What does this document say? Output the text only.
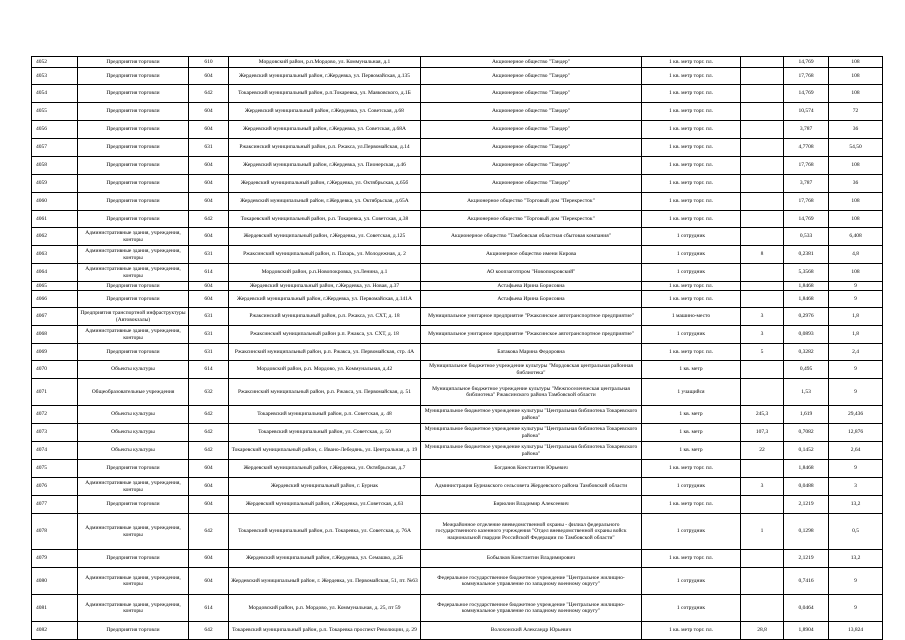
4052	Предприятия торговли	610	Мордовский район, р.п.Мордово, ул. Коммунальная, д.1	Акционерное общество "Тандер"	1 кв. метр торг. пл.		14,769	108
4053	Предприятия торговли	604	Жердевский муниципальный район, г.Жердевка, ул. Первомайская, д.135	Акционерное общество "Тандер"	1 кв. метр торг. пл.		17,768	108
4054	Предприятия торговли	642	Токаревский муниципальный район, р.п.Токаревка, ул. Маяковского, д.1Б	Акционерное общество "Тандер"	1 кв. метр торг. пл.		14,769	108
4055	Предприятия торговли	604	Жердевский муниципальный район, г.Жердевка, ул. Советская, д.68	Акционерное общество "Тандер"	1 кв. метр торг. пл.		10,574	72
4056	Предприятия торговли	604	Жердевский муниципальный район, г.Жердевка, ул. Советская, д.68А	Акционерное общество "Тандер"	1 кв. метр торг. пл.		3,787	36
4057	Предприятия торговли	631	Ржаксинский муниципальный район, р.п. Ржакса, ул.Первомайская, д.14	Акционерное общество "Тандер"	1 кв. метр торг. пл.		4,7708	54,50
4058	Предприятия торговли	604	Жердевский муниципальный район, г.Жердевка, ул. Пионерская, д.46	Акционерное общество "Тандер"	1 кв. метр торг. пл.		17,768	108
4059	Предприятия торговли	604	Жердевский муниципальный район, г.Жердевка, ул. Октябрьская, д.65б	Акционерное общество "Тандер"	1 кв. метр торг. пл.		3,787	36
4060	Предприятия торговли	604	Жердевский муниципальный район, г.Жердевка, ул. Октябрьская, д.65А	Акционерное общество "Торговый дом "Перекресток"	1 кв. метр торг. пл.		17,768	108
4061	Предприятия торговли	642	Токаревский муниципальный район, р.п. Токаревка, ул. Советская, д.38	Акционерное общество "Торговый дом "Перекресток"	1 кв. метр торг. пл.		14,769	108
4062	Административные здания, учреждения, конторы	604	Жердевский муниципальный район, г.Жердевка, ул. Советская, д.125	Акционерное общество "Тамбовская областная сбытовая компания"	1 сотрудник		0,533	6,408
4063	Административные здания, учреждения, конторы	631	Ржаксинский муниципальный район, п. Пахарь, ул. Молодежная, д. 2	Акционерное общество имени Кирова	1 сотрудник	8	0,2381	4,8
4064	Административные здания, учреждения, конторы	614	Мордовский район, р.п.Новопокровка, ул.Ленина, д.1	АО коопзаготпром "Новопокровский"	1 сотрудник		5,3568	108
4065	Предприятия торговли	604	Жердевский муниципальный район, г.Жердевка, ул. Новая, д.37	Астафьева Ирина Борисовна	1 кв. метр торг. пл.		1,8468	9
4066	Предприятия торговли	604	Жердевский муниципальный район, г.Жердевка, ул. Первомайская, д.141А	Астафьева Ирина Борисовна	1 кв. метр торг. пл.		1,8468	9
4067	Предприятия транспортной инфраструктуры (Автовокзалы)	631	Ржаксинский муниципальный район, р.п. Ржакса, ул. СХТ, д. 18	Муниципальное унитарное предприятие "Ржаксинское автотранспортное предприятие"	1 машино-место	3	0,2976	1,8
4068	Административные здания, учреждения, конторы	631	Ржаксинский муниципальный район р.п. Ржакса, ул. СХТ, д. 18	Муниципальное унитарное предприятие "Ржаксинское автотранспортное предприятие"	1 сотрудник	3	0,0893	1,8
4069	Предприятия торговли	631	Ржаксинский муниципальный район, р.п. Ржакса, ул. Первомайская, стр. 4А	Батакова Марина Федоровна	1 кв. метр торг. пл.	5	0,3282	2,4
4070	Объекты культуры	614	Мордовский район, р.п. Мордово, ул. Коммунальная, д.42	Муниципальное бюджетное учреждение культуры "Мордовская центральная районная библиотека"	1 кв. метр		0,495	9
4071	Общеобразовательные учреждения	632	Ржаксинский муниципальный район, р.п. Ржакса, ул. Первомайская, д. 51	Муниципальное бюджетное учреждение культуры "Межпоселенческая центральная библиотека" Ржаксинского района Тамбовской области	1 учащийся		1,53	9
4072	Объекты культуры	642	Токаревский муниципальный район, р.п. Советская, д. 48	Муниципальное бюджетное учреждение культуры "Центральная библиотека Токаревского района"	1 кв. метр	245,3	1,619	29,436
4073	Объекты культуры	642	Токаревский муниципальный район, ул. Советская, д. 50	Муниципальное бюджетное учреждение культуры "Центральная библиотека Токаревского района"	1 кв. метр	107,3	0,7082	12,876
4074	Объекты культуры	642	Токаревский муниципальный район, с. Ивано-Лебедянь, ул. Центральная, д. 19	Муниципальное бюджетное учреждение культуры "Центральная библиотека Токаревского района"	1 кв. метр	22	0,1452	2,64
4075	Предприятия торговли	604	Жердевский муниципальный район, г.Жердевка, ул. Октябрьская, д.7	Богданов Константин Юрьевич	1 кв. метр торг. пл.		1,8468	9
4076	Административные здания, учреждения, конторы	604	Жердевский муниципальный район, г. Бурнак	Администрация Бурнакского сельсовета Жердевского района Тамбовской области	1 сотрудник	3	0,0488	3
4077	Предприятия торговли	604	Жердевский муниципальный район, г.Жердевка, ул.Советская, д.63	Бирюлин Владимир Алексеевич	1 кв. метр торг. пл.		2,1219	13,2
4078	Административные здания, учреждения, конторы	642	Токаревский муниципальный район, р.п. Токаревка, ул. Советская, д. 76А	Межрайонное отделение вневедомственной охраны - филиал федерального государственного казенного учреждения "Отдел вневедомственной охраны войск национальной гвардии Российской Федерации по Тамбовской области"	1 сотрудник	1	0,1298	0,5
4079	Предприятия торговли	604	Жердевский муниципальный район, г.Жердевка, ул. Семашко, д.2Б	Бобылков Константин Владимирович	1 кв. метр торг. пл.		2,1219	13,2
4080	Административные здания, учреждения, конторы	604	Жердевский муниципальный район, г. Жердевка, ул. Первомайская, 51, пт. №63	Федеральное государственное бюджетное учреждение "Центральное жилищно-коммунальное управление по западному военному округу"	1 сотрудник		0,7416	9
4081	Административные здания, учреждения, конторы	614	Мордовский район, р.п. Мордово, ул. Коммунальная, д. 25, пт 59	Федеральное государственное бюджетное учреждение "Центральное жилищно-коммунальное управление по западному военному округу"	1 сотрудник		0,0464	9
4082	Предприятия торговли	642	Токаревский муниципальный район, р.п. Токаревка проспект Революции, д. 29	Волохонский Александр Юрьевич	1 кв. метр торг. пл.	28,8	1,8904	13,824
